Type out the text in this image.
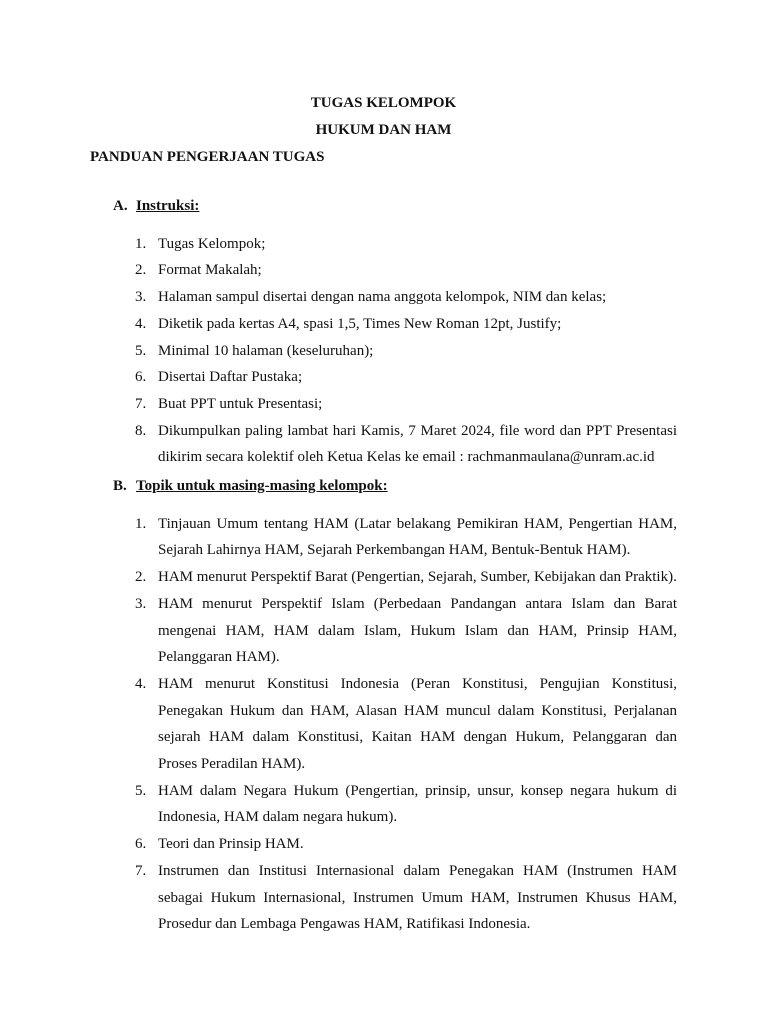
TUGAS KELOMPOK

HUKUM DAN HAM

PANDUAN PENGERJAAN TUGAS

A. Instruksi:
1. Tugas Kelompok;
2. Format Makalah;
3. Halaman sampul disertai dengan nama anggota kelompok, NIM dan kelas;
4. Diketik pada kertas A4, spasi 1,5, Times New Roman 12pt, Justify;
5. Minimal 10 halaman (keseluruhan);
6. Disertai Daftar Pustaka;
7. Buat PPT untuk Presentasi;
8. Dikumpulkan paling lambat hari Kamis, 7 Maret 2024, file word dan PPT Presentasi dikirim secara kolektif oleh Ketua Kelas ke email : rachmanmaulana@unram.ac.id
B. Topik untuk masing-masing kelompok:
1. Tinjauan Umum tentang HAM (Latar belakang Pemikiran HAM, Pengertian HAM, Sejarah Lahirnya HAM, Sejarah Perkembangan HAM, Bentuk-Bentuk HAM).
2. HAM menurut Perspektif Barat (Pengertian, Sejarah, Sumber, Kebijakan dan Praktik).
3. HAM menurut Perspektif Islam (Perbedaan Pandangan antara Islam dan Barat mengenai HAM, HAM dalam Islam, Hukum Islam dan HAM, Prinsip HAM, Pelanggaran HAM).
4. HAM menurut Konstitusi Indonesia (Peran Konstitusi, Pengujian Konstitusi, Penegakan Hukum dan HAM, Alasan HAM muncul dalam Konstitusi, Perjalanan sejarah HAM dalam Konstitusi, Kaitan HAM dengan Hukum, Pelanggaran dan Proses Peradilan HAM).
5. HAM dalam Negara Hukum (Pengertian, prinsip, unsur, konsep negara hukum di Indonesia, HAM dalam negara hukum).
6. Teori dan Prinsip HAM.
7. Instrumen dan Institusi Internasional dalam Penegakan HAM (Instrumen HAM sebagai Hukum Internasional, Instrumen Umum HAM, Instrumen Khusus HAM, Prosedur dan Lembaga Pengawas HAM, Ratifikasi Indonesia.
